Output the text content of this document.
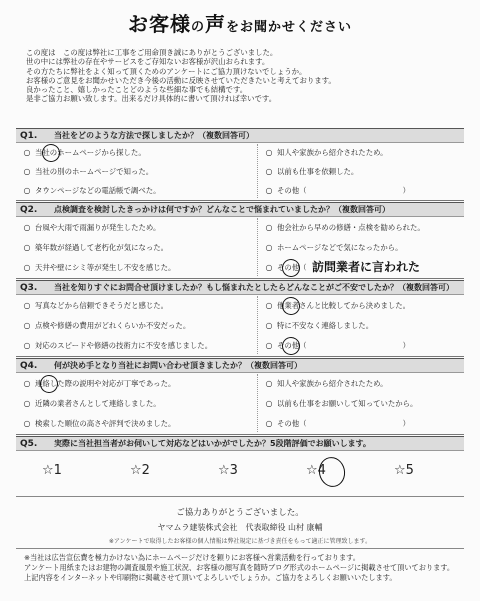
お客様の声をお聞かせください
この度は　この度は弊社に工事をご用命頂き誠にありがとうございました。
世の中には弊社の存在やサービスをご存知ないお客様が沢山おられます。
その方たちに弊社をよく知って頂くためのアンケートにご協力頂けないでしょうか。
お客様のご意見をお聞かせいただき今後の活動に反映させていただきたいと考えております。
良かったこと、嬉しかったことどのような些細な事でも結構です。
是非ご協力お願い致します。出来るだけ具体的に書いて頂ければ幸いです。
Q1. 当社をどのような方法で探しましたか？（複数回答可）
○ 当社のホームページから探した。
○ 当社の別のホームページで知った。
○ タウンページなどの電話帳で調べた。
○ 知人や家族から紹介されたため。
○ 以前も仕事を依頼した。
○ その他（　　　　　　　　　　　　　）
Q2. 点検調査を検討したきっかけは何ですか？どんなことで悩まれていましたか？（複数回答可）
○ 台風や大雨で雨漏りが発生したため。
○ 築年数が経過して老朽化が気になった。
○ 天井や壁にシミ等が発生し不安を感じた。
○ 他会社から早めの修繕・点検を勧められた。
○ ホームページなどで気になったから。
○ その他（ 訪問業者に言われた
Q3. 当社を知りすぐにお問合せ頂けましたか？もし悩まれたとしたらどんなことがご不安でしたか？（複数回答可）
○ 写真などから信頼できそうだと感じた。
○ 点検や修繕の費用がどれくらいか不安だった。
○ 対応のスピードや修繕の技術力に不安を感じました。
○ 他業者さんと比較してから決めました。
○ 特に不安なく連絡しました。
○ その他（　　　　　　　　　　　　　）
Q4. 何が決め手となり当社にお問い合わせ頂きましたか？（複数回答可）
○ 連絡した際の説明や対応が丁寧であった。
○ 近隣の業者さんとして連絡しました。
○ 検索した順位の高さや評判で決めました。
○ 知人や家族から紹介されたため。
○ 以前も仕事をお願いして知っていたから。
○ その他（　　　　　　　　　　　　　）
Q5. 実際に当社担当者がお伺いして対応などはいかがでしたか？5段階評価でお願いします。
☆1	☆2	☆3	☆4	☆5
ご協力ありがとうございました。
ヤマムラ建装株式会社　代表取締役 山村 康輔
※アンケートで取得したお客様の個人情報は弊社規定に基づき責任をもって適正に管理致します。
※当社は広告宣伝費を極力かけない為にホームページだけを頼りにお客様へ営業活動を行っております。
アンケート用紙またはお建物の調査風景や施工状況、お客様の顔写真を随時ブログ形式のホームページに掲載させて頂いております。
上記内容をインターネットや印刷物に掲載させて頂いてよろしいでしょうか。ご協力をよろしくお願いいたします。
